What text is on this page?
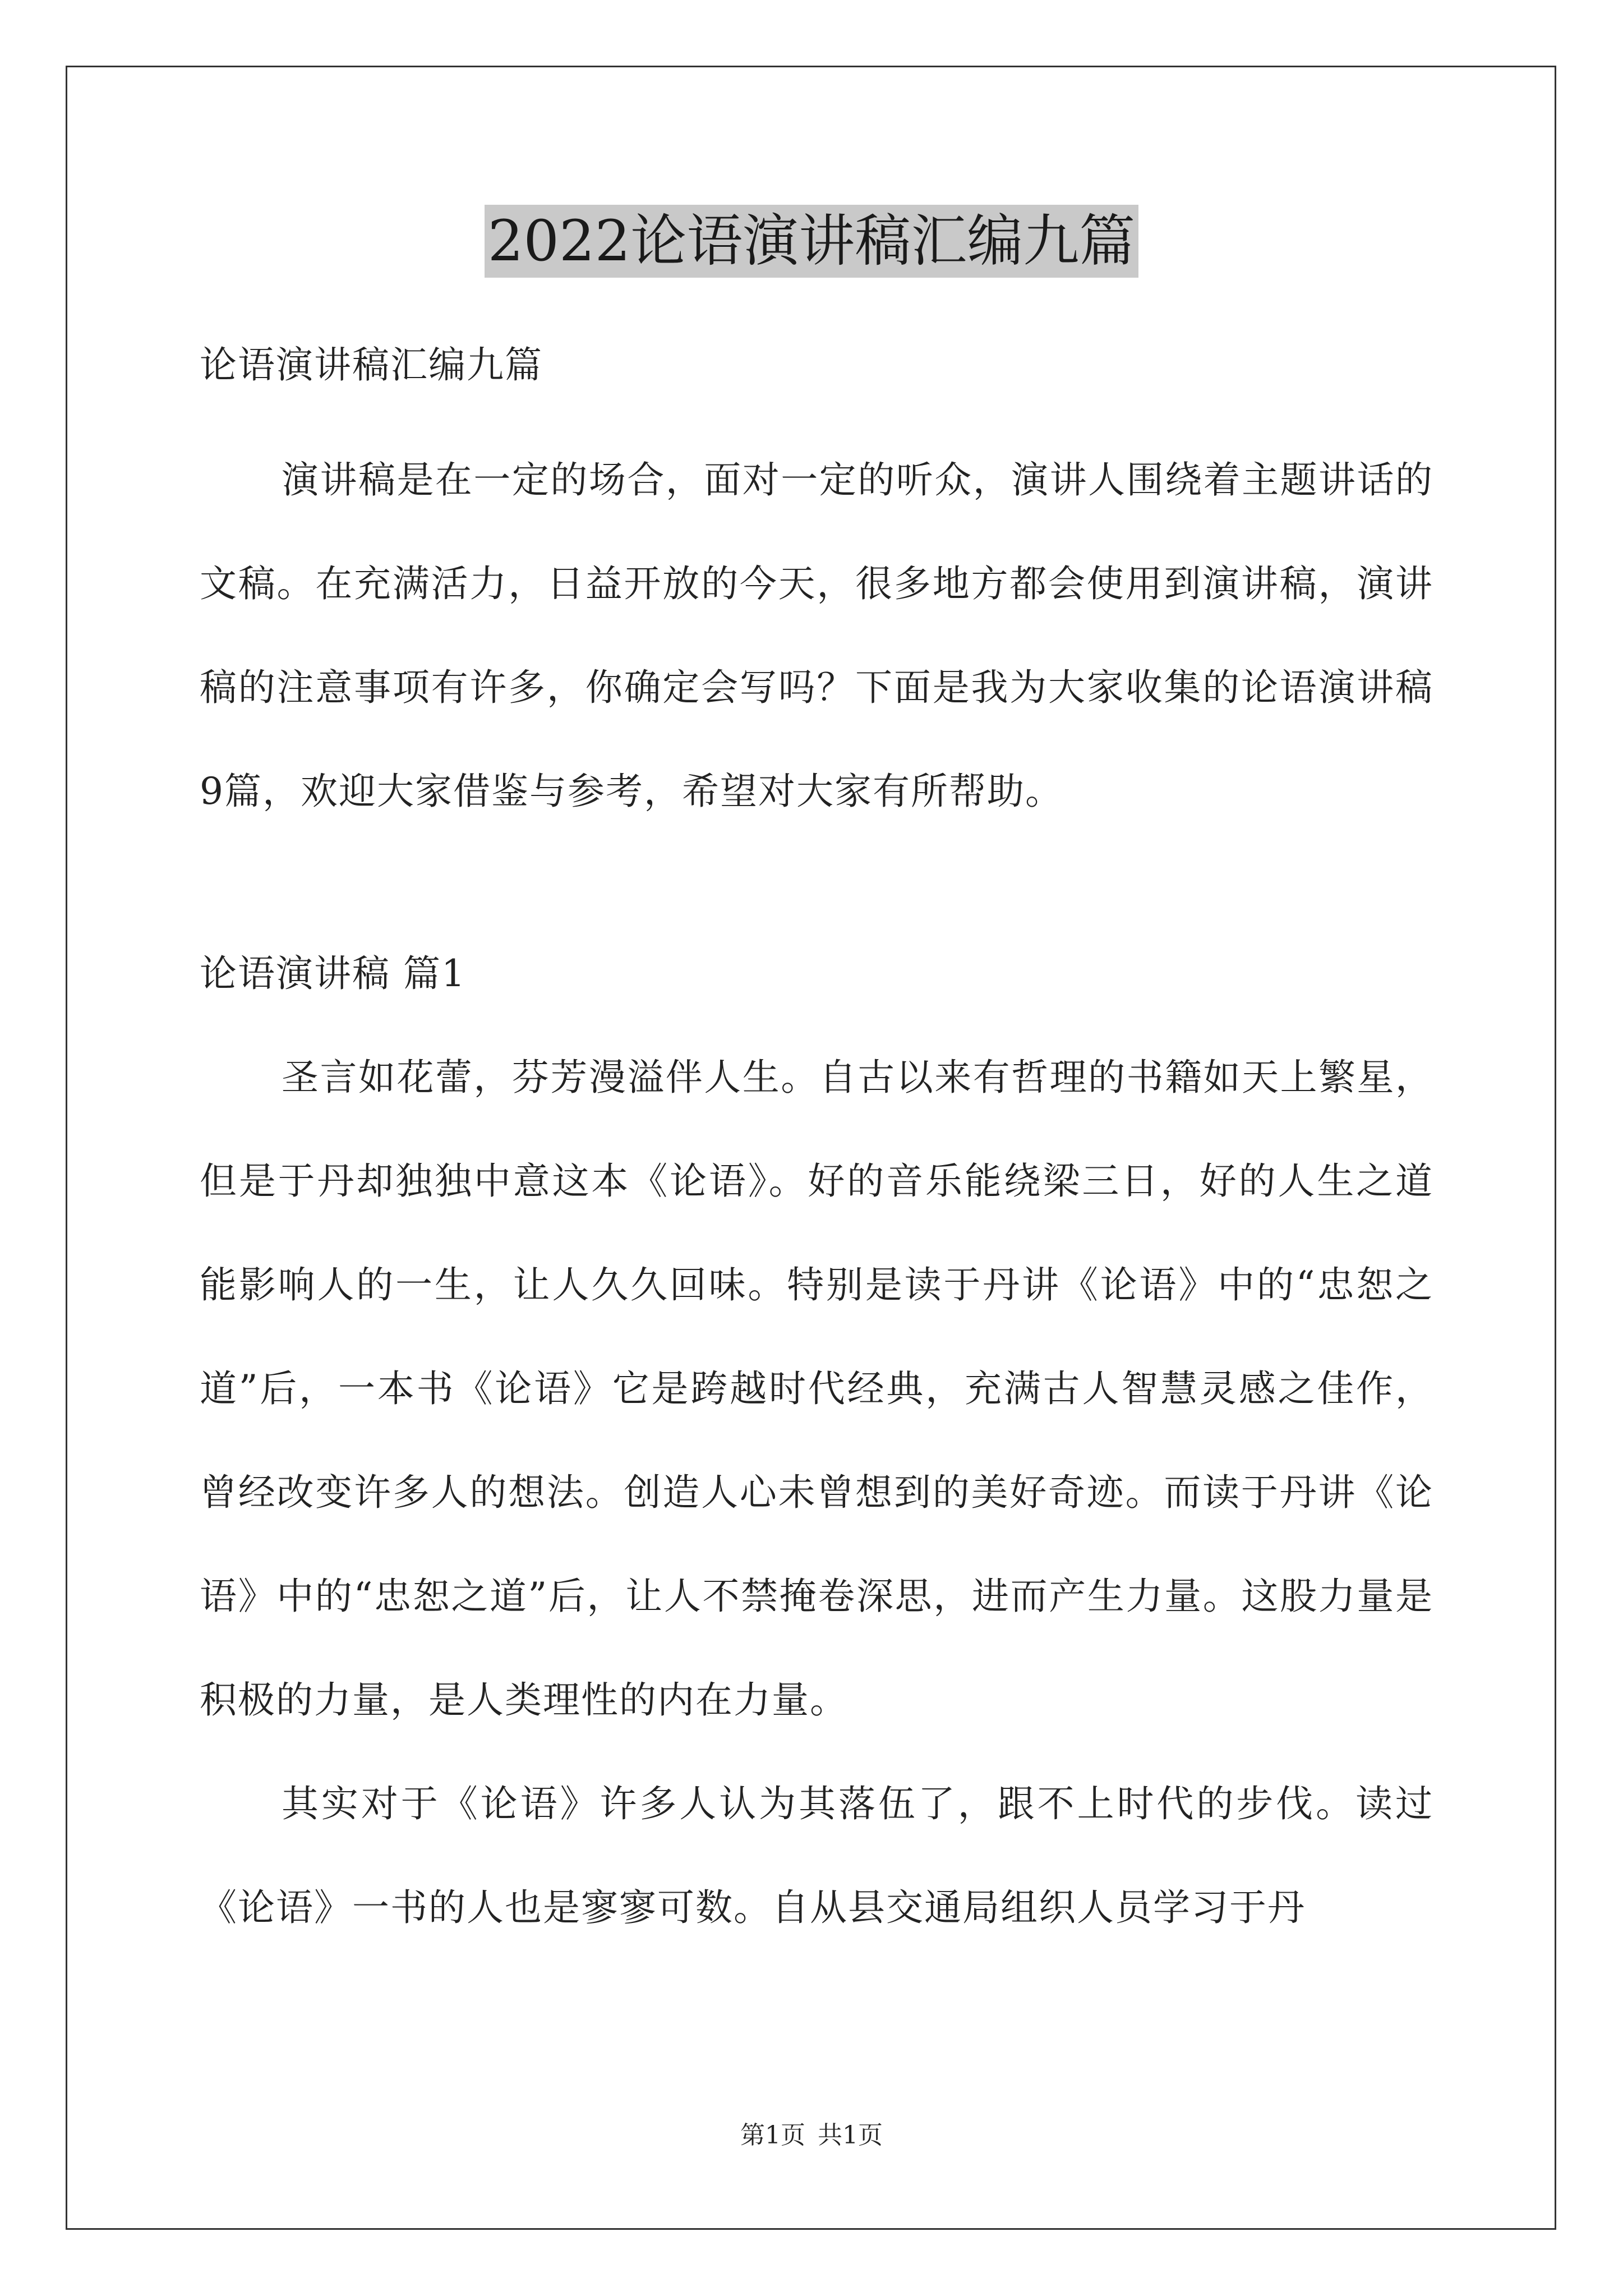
2022论语演讲稿汇编九篇

论语演讲稿汇编九篇

演讲稿是在一定的场合，面对一定的听众，演讲人围绕着主题讲话的文稿。在充满活力，日益开放的今天，很多地方都会使用到演讲稿，演讲稿的注意事项有许多，你确定会写吗？下面是我为大家收集的论语演讲稿9篇，欢迎大家借鉴与参考，希望对大家有所帮助。

论语演讲稿 篇1

圣言如花蕾，芬芳漫溢伴人生。自古以来有哲理的书籍如天上繁星，但是于丹却独独中意这本《论语》。好的音乐能绕梁三日，好的人生之道能影响人的一生，让人久久回味。特别是读于丹讲《论语》中的“忠恕之道”后，一本书《论语》它是跨越时代经典，充满古人智慧灵感之佳作，曾经改变许多人的想法。创造人心未曾想到的美好奇迹。而读于丹讲《论语》中的“忠恕之道”后，让人不禁掩卷深思，进而产生力量。这股力量是积极的力量，是人类理性的内在力量。

其实对于《论语》许多人认为其落伍了，跟不上时代的步伐。读过《论语》一书的人也是寥寥可数。自从县交通局组织人员学习于丹

第1页 共1页
